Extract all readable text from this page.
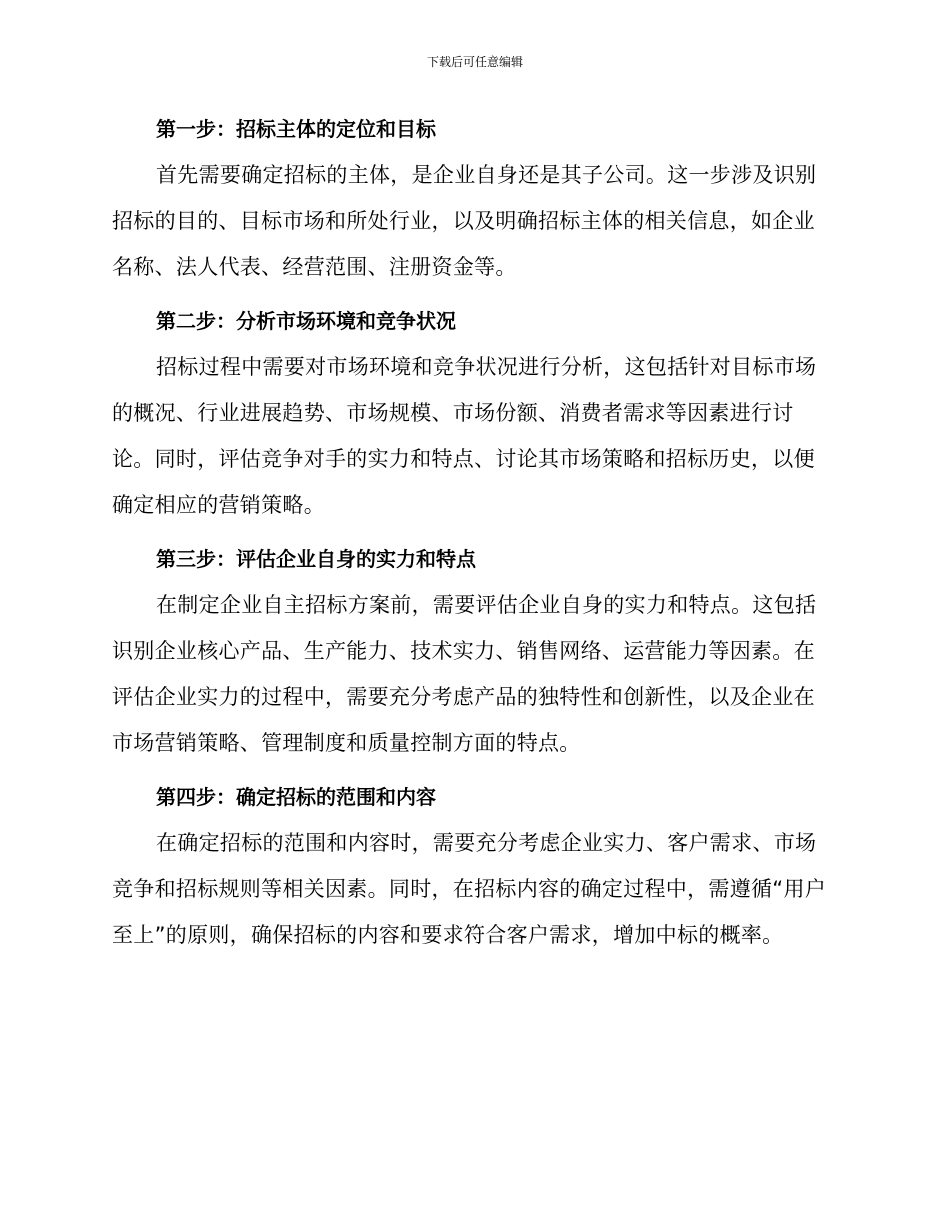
下载后可任意编辑
第一步：招标主体的定位和目标

首先需要确定招标的主体，是企业自身还是其子公司。这一步涉及识别招标的目的、目标市场和所处行业，以及明确招标主体的相关信息，如企业名称、法人代表、经营范围、注册资金等。

第二步：分析市场环境和竞争状况

招标过程中需要对市场环境和竞争状况进行分析，这包括针对目标市场的概况、行业进展趋势、市场规模、市场份额、消费者需求等因素进行讨论。同时，评估竞争对手的实力和特点、讨论其市场策略和招标历史，以便确定相应的营销策略。

第三步：评估企业自身的实力和特点

在制定企业自主招标方案前，需要评估企业自身的实力和特点。这包括识别企业核心产品、生产能力、技术实力、销售网络、运营能力等因素。在评估企业实力的过程中，需要充分考虑产品的独特性和创新性，以及企业在市场营销策略、管理制度和质量控制方面的特点。

第四步：确定招标的范围和内容

在确定招标的范围和内容时，需要充分考虑企业实力、客户需求、市场竞争和招标规则等相关因素。同时，在招标内容的确定过程中，需遵循“用户至上”的原则，确保招标的内容和要求符合客户需求，增加中标的概率。
